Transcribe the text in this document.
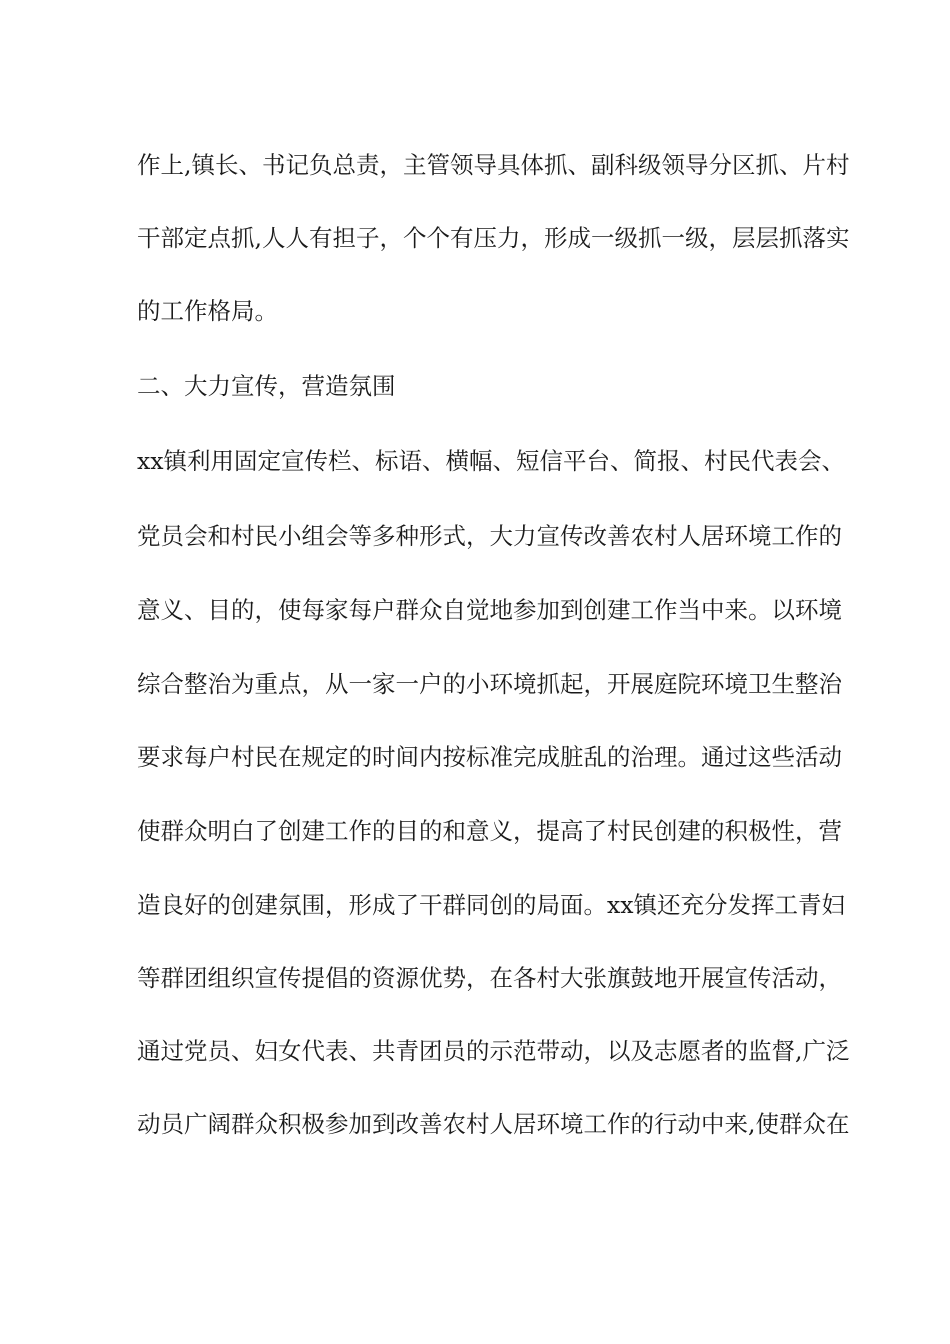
作上,镇长、书记负总责，主管领导具体抓、副科级领导分区抓、片村
干部定点抓,人人有担子，个个有压力，形成一级抓一级，层层抓落实
的工作格局。
二、大力宣传，营造氛围
xx镇利用固定宣传栏、标语、横幅、短信平台、简报、村民代表会、
党员会和村民小组会等多种形式，大力宣传改善农村人居环境工作的
意义、目的，使每家每户群众自觉地参加到创建工作当中来。以环境
综合整治为重点，从一家一户的小环境抓起，开展庭院环境卫生整治
要求每户村民在规定的时间内按标准完成脏乱的治理。通过这些活动
使群众明白了创建工作的目的和意义，提高了村民创建的积极性，营
造良好的创建氛围，形成了干群同创的局面。xx镇还充分发挥工青妇
等群团组织宣传提倡的资源优势，在各村大张旗鼓地开展宣传活动，
通过党员、妇女代表、共青团员的示范带动，以及志愿者的监督,广泛
动员广阔群众积极参加到改善农村人居环境工作的行动中来,使群众在
